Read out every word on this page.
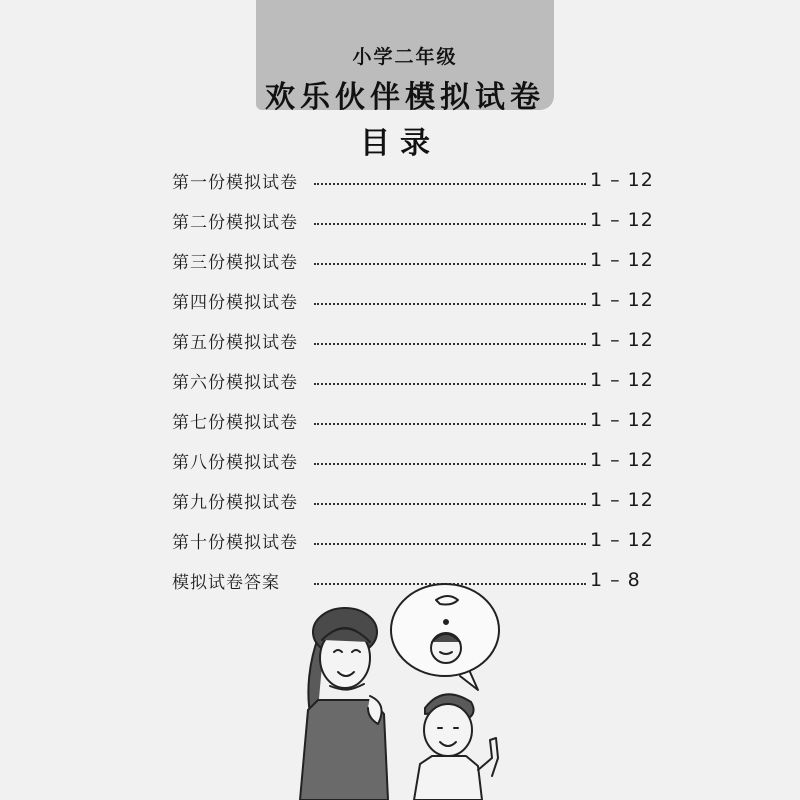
小学二年级
欢乐伙伴模拟试卷
目录
第一份模拟试卷	1 – 12
第二份模拟试卷	1 – 12
第三份模拟试卷	1 – 12
第四份模拟试卷	1 – 12
第五份模拟试卷	1 – 12
第六份模拟试卷	1 – 12
第七份模拟试卷	1 – 12
第八份模拟试卷	1 – 12
第九份模拟试卷	1 – 12
第十份模拟试卷	1 – 12
模拟试卷答案	1 – 8
